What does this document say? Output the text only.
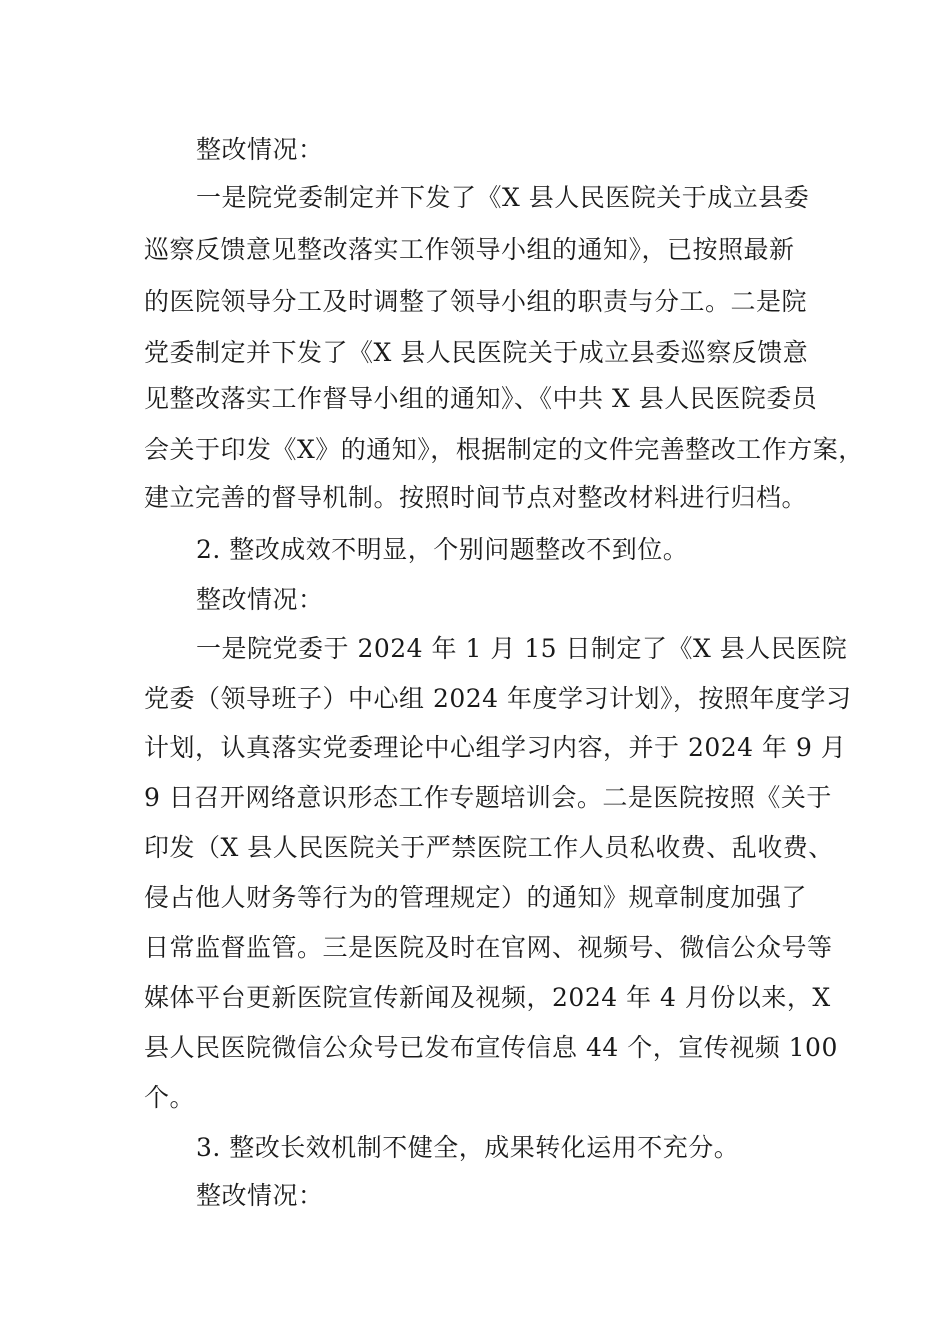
整改情况：

一是院党委制定并下发了《X 县人民医院关于成立县委

巡察反馈意见整改落实工作领导小组的通知》，已按照最新

的医院领导分工及时调整了领导小组的职责与分工。二是院

党委制定并下发了《X 县人民医院关于成立县委巡察反馈意

见整改落实工作督导小组的通知》、《中共 X 县人民医院委员

会关于印发《X》的通知》，根据制定的文件完善整改工作方案，

建立完善的督导机制。按照时间节点对整改材料进行归档。

2. 整改成效不明显，个别问题整改不到位。

整改情况：

一是院党委于 2024 年 1 月 15 日制定了《X 县人民医院

党委（领导班子）中心组 2024 年度学习计划》，按照年度学习

计划，认真落实党委理论中心组学习内容，并于 2024 年 9 月

9 日召开网络意识形态工作专题培训会。二是医院按照《关于

印发（X 县人民医院关于严禁医院工作人员私收费、乱收费、

侵占他人财务等行为的管理规定）的通知》规章制度加强了

日常监督监管。三是医院及时在官网、视频号、微信公众号等

媒体平台更新医院宣传新闻及视频，2024 年 4 月份以来，X

县人民医院微信公众号已发布宣传信息 44 个，宣传视频 100

个。

3. 整改长效机制不健全，成果转化运用不充分。

整改情况：
